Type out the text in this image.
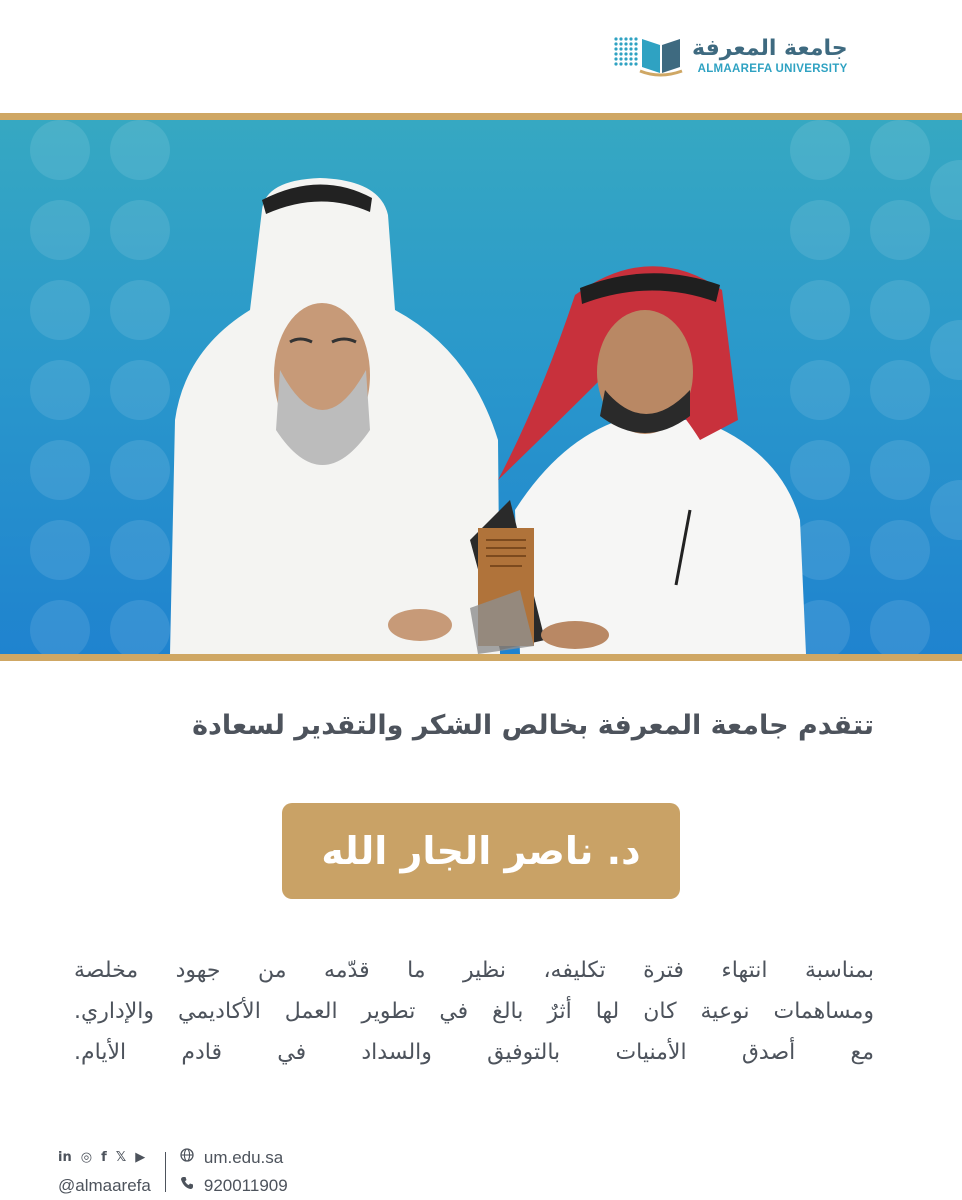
جامعة المعرفة
ALMAAREFA UNIVERSITY

تتقدم جامعة المعرفة بخالص الشكر والتقدير لسعادة

د. ناصر الجار الله

بمناسبة انتهاء فترة تكليفه، نظير ما قدّمه من جهود مخلصة
ومساهمات نوعية كان لها أثرٌ بالغ في تطوير العمل الأكاديمي والإداري.
مع أصدق الأمنيات بالتوفيق والسداد في قادم الأيام.

in ◎ f 𝕏 ▶
@almaarefa
um.edu.sa
920011909
